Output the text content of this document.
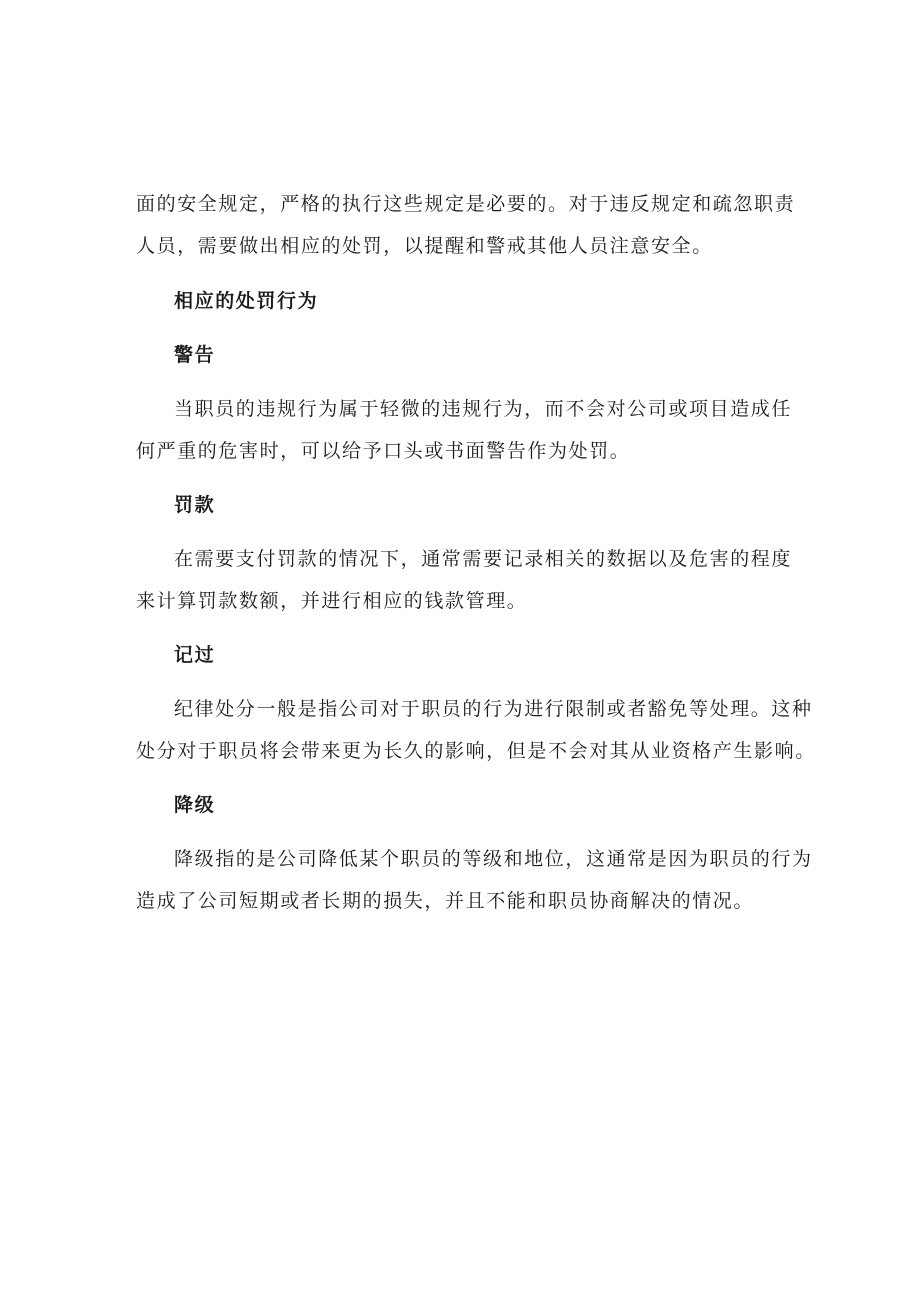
面的安全规定，严格的执行这些规定是必要的。对于违反规定和疏忽职责
人员，需要做出相应的处罚，以提醒和警戒其他人员注意安全。

相应的处罚行为
警告

当职员的违规行为属于轻微的违规行为，而不会对公司或项目造成任
何严重的危害时，可以给予口头或书面警告作为处罚。

罚款

在需要支付罚款的情况下，通常需要记录相关的数据以及危害的程度
来计算罚款数额，并进行相应的钱款管理。

记过

纪律处分一般是指公司对于职员的行为进行限制或者豁免等处理。这种
处分对于职员将会带来更为长久的影响，但是不会对其从业资格产生影响。

降级

降级指的是公司降低某个职员的等级和地位，这通常是因为职员的行为
造成了公司短期或者长期的损失，并且不能和职员协商解决的情况。
